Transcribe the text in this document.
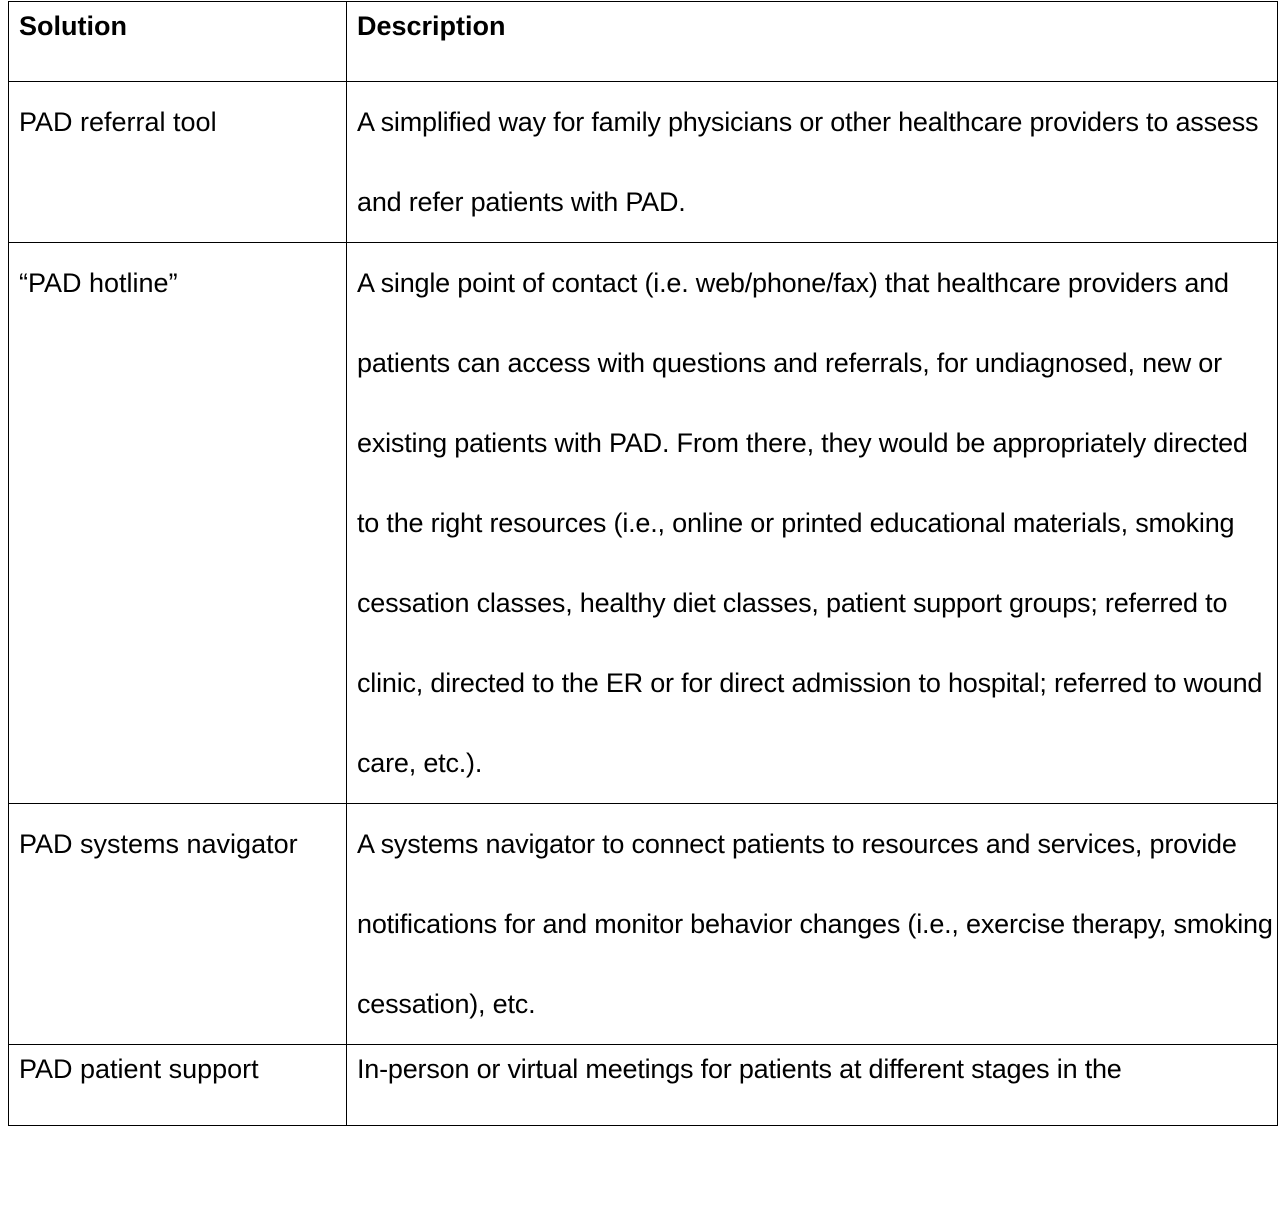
Solution	Description
PAD referral tool	A simplified way for family physicians or other healthcare providers to assess and refer patients with PAD.
“PAD hotline”	A single point of contact (i.e. web/phone/fax) that healthcare providers and patients can access with questions and referrals, for undiagnosed, new or existing patients with PAD. From there, they would be appropriately directed to the right resources (i.e., online or printed educational materials, smoking cessation classes, healthy diet classes, patient support groups; referred to clinic, directed to the ER or for direct admission to hospital; referred to wound care, etc.).
PAD systems navigator	A systems navigator to connect patients to resources and services, provide notifications for and monitor behavior changes (i.e., exercise therapy, smoking cessation), etc.
PAD patient support	In-person or virtual meetings for patients at different stages in the
